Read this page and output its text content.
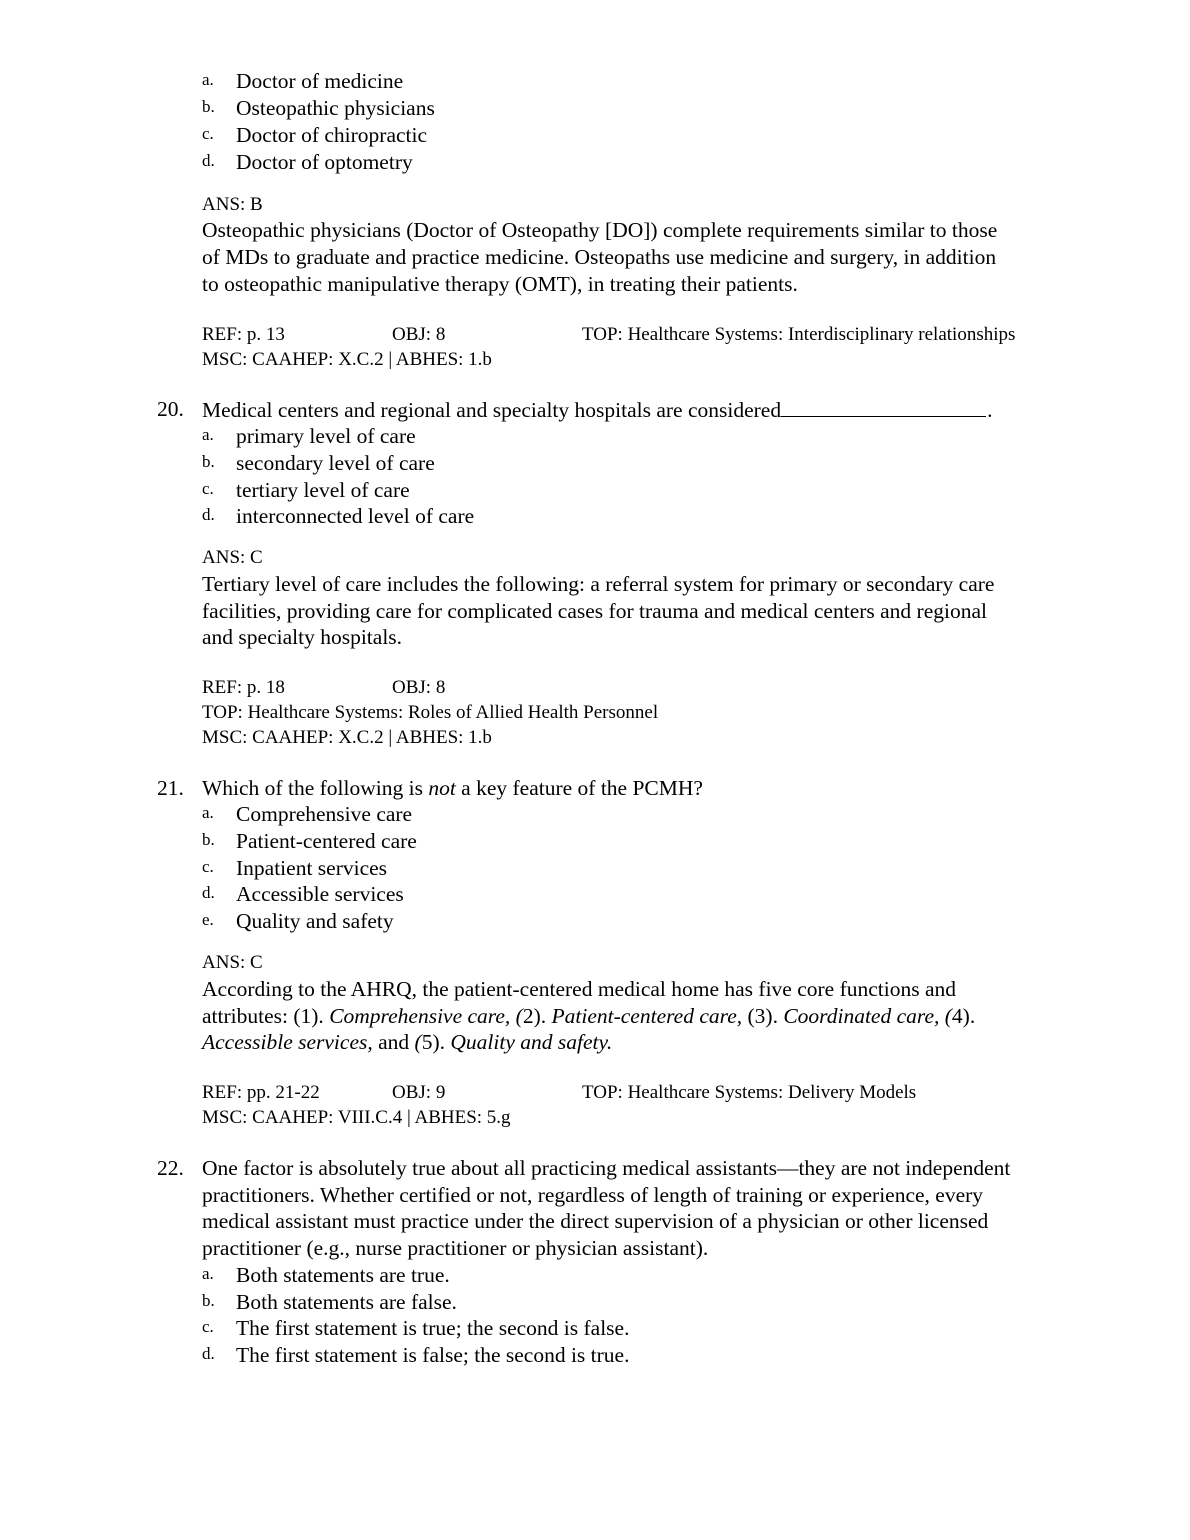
a. Doctor of medicine
b. Osteopathic physicians
c. Doctor of chiropractic
d. Doctor of optometry
ANS: B
Osteopathic physicians (Doctor of Osteopathy [DO]) complete requirements similar to those
of MDs to graduate and practice medicine. Osteopaths use medicine and surgery, in addition
to osteopathic manipulative therapy (OMT), in treating their patients.
REF: p. 13	OBJ: 8	TOP: Healthcare Systems: Interdisciplinary relationships
MSC: CAAHEP: X.C.2 | ABHES: 1.b
20. Medical centers and regional and specialty hospitals are considered	.
a. primary level of care
b. secondary level of care
c. tertiary level of care
d. interconnected level of care
ANS: C
Tertiary level of care includes the following: a referral system for primary or secondary care
facilities, providing care for complicated cases for trauma and medical centers and regional
and specialty hospitals.
REF: p. 18	OBJ: 8
TOP: Healthcare Systems: Roles of Allied Health Personnel
MSC: CAAHEP: X.C.2 | ABHES: 1.b
21. Which of the following is not a key feature of the PCMH?
a. Comprehensive care
b. Patient-centered care
c. Inpatient services
d. Accessible services
e. Quality and safety
ANS: C
According to the AHRQ, the patient-centered medical home has five core functions and
attributes: (1). Comprehensive care, (2). Patient-centered care, (3). Coordinated care, (4).
Accessible services, and (5). Quality and safety.
REF: pp. 21-22	OBJ: 9	TOP: Healthcare Systems: Delivery Models
MSC: CAAHEP: VIII.C.4 | ABHES: 5.g
22. One factor is absolutely true about all practicing medical assistants—they are not independent
practitioners. Whether certified or not, regardless of length of training or experience, every
medical assistant must practice under the direct supervision of a physician or other licensed
practitioner (e.g., nurse practitioner or physician assistant).
a. Both statements are true.
b. Both statements are false.
c. The first statement is true; the second is false.
d. The first statement is false; the second is true.
